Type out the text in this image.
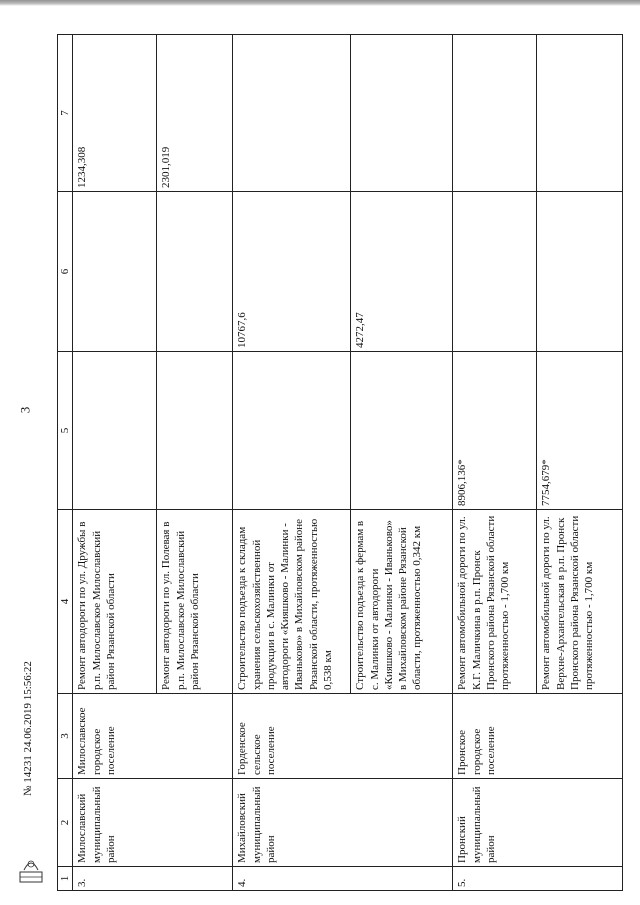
3
№ 14231 24.06.2019 15:56:22
1	2	3	4	5	6	7
3.	Милославский муниципальный район	Милославское городское поселение	Ремонт автодороги по ул. Дружбы в р.п. Милославское Милославский район Рязанской области			1234,308
			Ремонт автодороги по ул. Полевая в р.п. Милославское Милославский район Рязанской области			2301,019
4.	Михайловский муниципальный район	Горденское сельское поселение	Строительство подъезда к складам хранения сельскохозяйственной продукции в с. Малинки от автодороги «Кияшково - Малинки - Иваньково» в Михайловском районе Рязанской области, протяженностью 0,538 км		10767,6	
			Строительство подъезда к фермам в с. Малинки от автодороги «Кияшково - Малинки - Иваньково» в Михайловском районе Рязанской области, протяженностью 0,342 км		4272,47	
5.	Пронский муниципальный район	Пронское городское поселение	Ремонт автомобильной дороги по ул. К.Г. Маличкина в р.п. Пронск Пронского района Рязанской области протяженностью - 1,700 км	8906,136*		
			Ремонт автомобильной дороги по ул. Верхне-Архангельская в р.п. Пронск Пронского района Рязанской области протяженностью - 1,700 км	7754,679*		
